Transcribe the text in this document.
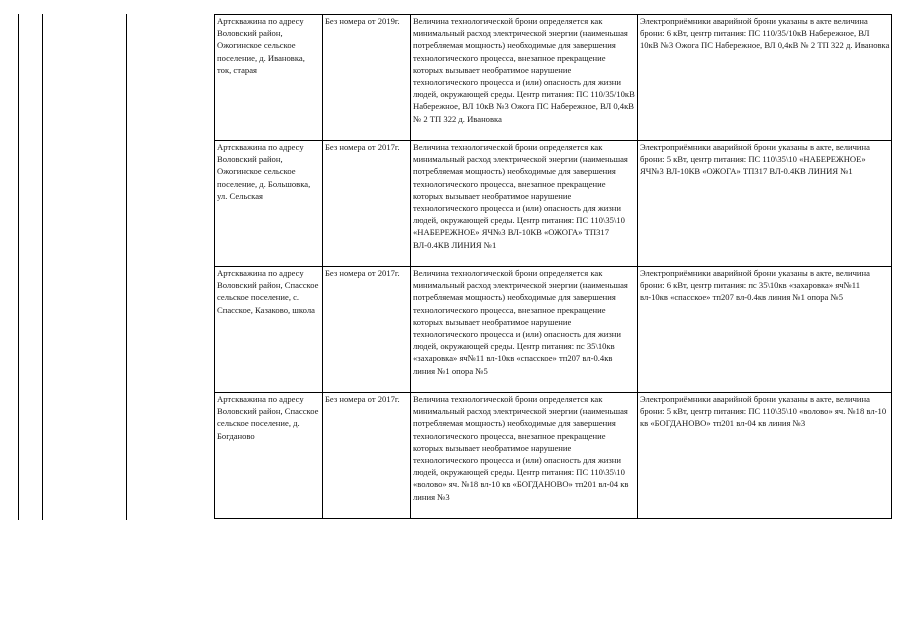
Артскважина по адресу Воловский район, Ожогинское сельское поселение, д. Ивановка, ток, старая	Без номера от 2019г.	Величина технологической брони определяется как минимальный расход электрической энергии (наименьшая потребляемая мощность) необходимые для завершения технологического процесса, внезапное прекращение которых вызывает необратимое нарушение технологического процесса и (или) опасность для жизни людей, окружающей среды. Центр питания: ПС 110/35/10кВ Набережное, ВЛ 10кВ №3 Ожога ПС Набережное, ВЛ 0,4кВ № 2 ТП 322 д. Ивановка	Электроприёмники аварийной брони указаны в акте величина брони: 6 кВт, центр питания: ПС 110/35/10кВ Набережное, ВЛ 10кВ №3 Ожога ПС Набережное, ВЛ 0,4кВ № 2 ТП 322 д. Ивановка
Артскважина по адресу Воловский район, Ожогинское сельское поселение, д. Большовка, ул. Сельская	Без номера от 2017г.	Величина технологической брони определяется как минимальный расход электрической энергии (наименьшая потребляемая мощность) необходимые для завершения технологического процесса, внезапное прекращение которых вызывает необратимое нарушение технологического процесса и (или) опасность для жизни людей, окружающей среды. Центр питания: ПС 110\35\10 «НАБЕРЕЖНОЕ» ЯЧ№3 ВЛ-10КВ «ОЖОГА» ТП317 ВЛ-0.4КВ ЛИНИЯ №1	Электроприёмники аварийной брони указаны в акте, величина брони: 5 кВт, центр питания: ПС 110\35\10 «НАБЕРЕЖНОЕ» ЯЧ№3 ВЛ-10КВ «ОЖОГА» ТП317 ВЛ-0.4КВ ЛИНИЯ №1
Артскважина по адресу Воловский район, Спасское сельское поселение, с. Спасское, Казаково, школа	Без номера от 2017г.	Величина технологической брони определяется как минимальный расход электрической энергии (наименьшая потребляемая мощность) необходимые для завершения технологического процесса, внезапное прекращение которых вызывает необратимое нарушение технологического процесса и (или) опасность для жизни людей, окружающей среды. Центр питания: пс 35\10кв «захаровка» яч№11 вл-10кв «спасское» тп207 вл-0.4кв линия №1 опора №5	Электроприёмники аварийной брони указаны в акте, величина брони: 6 кВт, центр питания: пс 35\10кв «захаровка» яч№11 вл-10кв «спасское» тп207 вл-0.4кв линия №1 опора №5
Артскважина по адресу Воловский район, Спасское сельское поселение, д. Богданово	Без номера от 2017г.	Величина технологической брони определяется как минимальный расход электрической энергии (наименьшая потребляемая мощность) необходимые для завершения технологического процесса, внезапное прекращение которых вызывает необратимое нарушение технологического процесса и (или) опасность для жизни людей, окружающей среды. Центр питания: ПС 110\35\10 «волово» яч. №18 вл-10 кв «БОГДАНОВО» тп201 вл-04 кв линия №3	Электроприёмники аварийной брони указаны в акте, величина брони: 5 кВт, центр питания: ПС 110\35\10 «волово» яч. №18 вл-10 кв «БОГДАНОВО» тп201 вл-04 кв линия №3
